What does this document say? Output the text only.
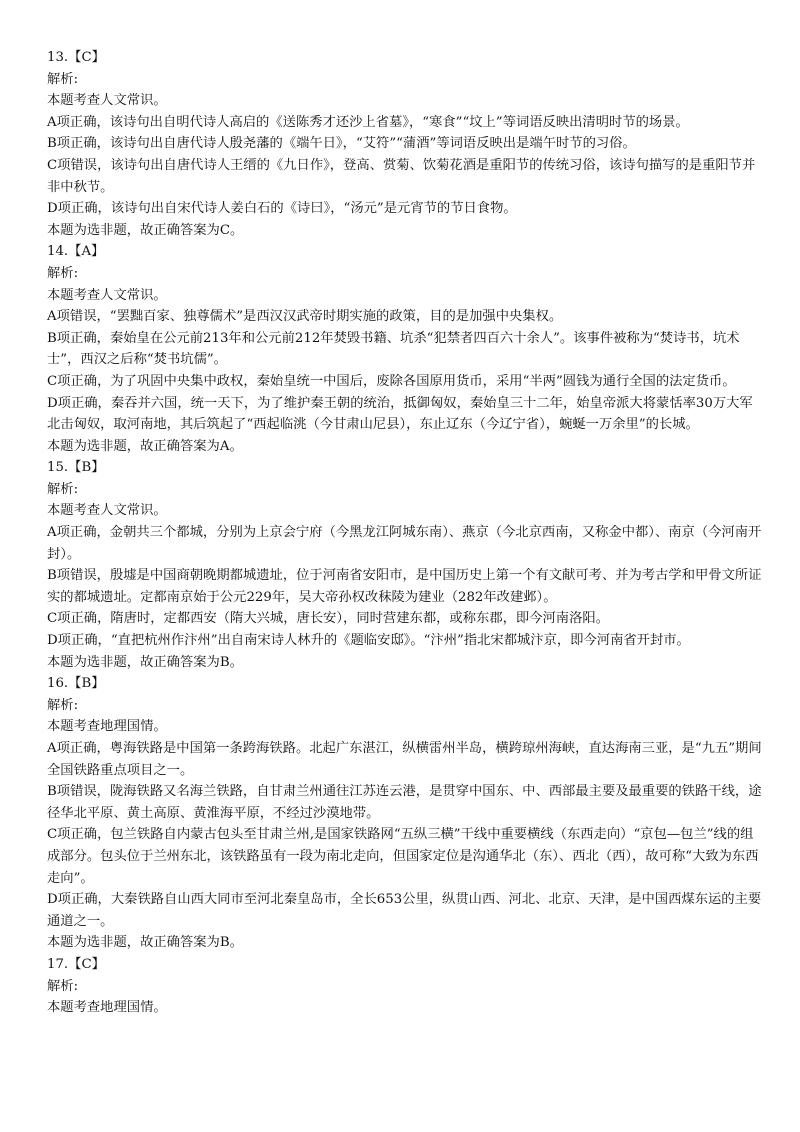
13.【C】

解析:

本题考查人文常识。

A项正确，该诗句出自明代诗人高启的《送陈秀才还沙上省墓》，“寒食”“坟上”等词语反映出清明时节的场景。

B项正确，该诗句出自唐代诗人殷尧藩的《端午日》，“艾符”“蒲酒”等词语反映出是端午时节的习俗。

C项错误，该诗句出自唐代诗人王缙的《九日作》，登高、赏菊、饮菊花酒是重阳节的传统习俗，该诗句描写的是重阳节并非中秋节。

D项正确，该诗句出自宋代诗人姜白石的《诗曰》，“汤元”是元宵节的节日食物。

本题为选非题，故正确答案为C。

14.【A】

解析:

本题考查人文常识。

A项错误，“罢黜百家、独尊儒术”是西汉汉武帝时期实施的政策，目的是加强中央集权。

B项正确，秦始皇在公元前213年和公元前212年焚毁书籍、坑杀“犯禁者四百六十余人”。该事件被称为“焚诗书，坑术士”，西汉之后称“焚书坑儒”。

C项正确，为了巩固中央集中政权，秦始皇统一中国后，废除各国原用货币，采用“半两”圆钱为通行全国的法定货币。

D项正确，秦吞并六国，统一天下，为了维护秦王朝的统治，抵御匈奴，秦始皇三十二年，始皇帝派大将蒙恬率30万大军北击匈奴，取河南地，其后筑起了“西起临洮（今甘肃山尼县），东止辽东（今辽宁省），蜿蜒一万余里”的长城。

本题为选非题，故正确答案为A。

15.【B】

解析:

本题考查人文常识。

A项正确，金朝共三个都城，分别为上京会宁府（今黑龙江阿城东南）、燕京（今北京西南，又称金中都）、南京（今河南开封）。

B项错误，殷墟是中国商朝晚期都城遗址，位于河南省安阳市，是中国历史上第一个有文献可考、并为考古学和甲骨文所证实的都城遗址。定都南京始于公元229年，吴大帝孙权改秣陵为建业（282年改建邺）。

C项正确，隋唐时，定都西安（隋大兴城，唐长安），同时营建东都，或称东郡，即今河南洛阳。

D项正确，“直把杭州作汴州”出自南宋诗人林升的《题临安邸》。“汴州”指北宋都城汴京，即今河南省开封市。

本题为选非题，故正确答案为B。

16.【B】

解析:

本题考查地理国情。

A项正确，粤海铁路是中国第一条跨海铁路。北起广东湛江，纵横雷州半岛，横跨琼州海峡，直达海南三亚，是“九五”期间全国铁路重点项目之一。

B项错误，陇海铁路又名海兰铁路，自甘肃兰州通往江苏连云港，是贯穿中国东、中、西部最主要及最重要的铁路干线，途径华北平原、黄土高原、黄淮海平原，不经过沙漠地带。

C项正确，包兰铁路自内蒙古包头至甘肃兰州,是国家铁路网“五纵三横”干线中重要横线（东西走向）“京包—包兰”线的组成部分。包头位于兰州东北，该铁路虽有一段为南北走向，但国家定位是沟通华北（东）、西北（西），故可称“大致为东西走向”。

D项正确，大秦铁路自山西大同市至河北秦皇岛市，全长653公里，纵贯山西、河北、北京、天津，是中国西煤东运的主要通道之一。

本题为选非题，故正确答案为B。

17.【C】

解析:

本题考查地理国情。
